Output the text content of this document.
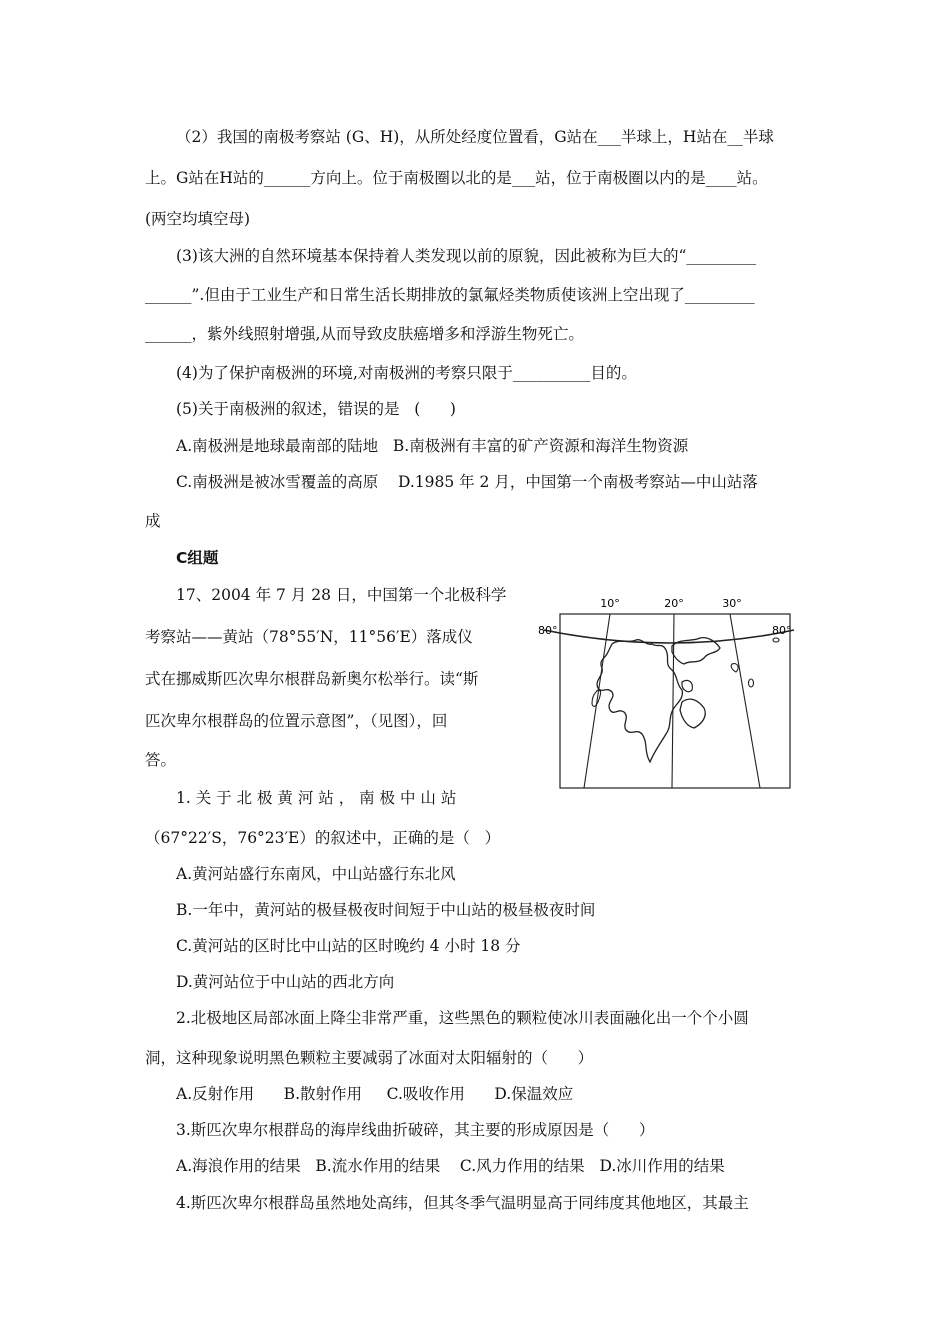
（2）我国的南极考察站 (G、H)，从所处经度位置看，G站在___半球上，H站在__半球
上。G站在H站的______方向上。位于南极圈以北的是___站，位于南极圈以内的是____站。
(两空均填空母)
(3)该大洲的自然环境基本保持着人类发现以前的原貌，因此被称为巨大的“_________
______”.但由于工业生产和日常生活长期排放的氯氟烃类物质使该洲上空出现了_________
______，紫外线照射增强,从而导致皮肤癌增多和浮游生物死亡。
(4)为了保护南极洲的环境,对南极洲的考察只限于__________目的。
(5)关于南极洲的叙述，错误的是   (      )
A.南极洲是地球最南部的陆地   B.南极洲有丰富的矿产资源和海洋生物资源
C.南极洲是被冰雪覆盖的高原    D.1985 年 2 月，中国第一个南极考察站—中山站落
成
C组题
17、2004 年 7 月 28 日，中国第一个北极科学
考察站——黄站（78°55′N，11°56′E）落成仪
式在挪威斯匹次卑尔根群岛新奥尔松举行。读“斯
匹次卑尔根群岛的位置示意图”，（见图），回
答。
10°	20°	30°
80°	80°
1. 关 于 北 极 黄 河 站 ， 南 极 中 山 站
（67°22′S，76°23′E）的叙述中，正确的是（   ）
A.黄河站盛行东南风，中山站盛行东北风
B.一年中，黄河站的极昼极夜时间短于中山站的极昼极夜时间
C.黄河站的区时比中山站的区时晚约 4 小时 18 分
D.黄河站位于中山站的西北方向
2.北极地区局部冰面上降尘非常严重，这些黑色的颗粒使冰川表面融化出一个个小圆
洞，这种现象说明黑色颗粒主要减弱了冰面对太阳辐射的（      ）
A.反射作用      B.散射作用     C.吸收作用      D.保温效应
3.斯匹次卑尔根群岛的海岸线曲折破碎，其主要的形成原因是（      ）
A.海浪作用的结果   B.流水作用的结果    C.风力作用的结果   D.冰川作用的结果
4.斯匹次卑尔根群岛虽然地处高纬，但其冬季气温明显高于同纬度其他地区，其最主
